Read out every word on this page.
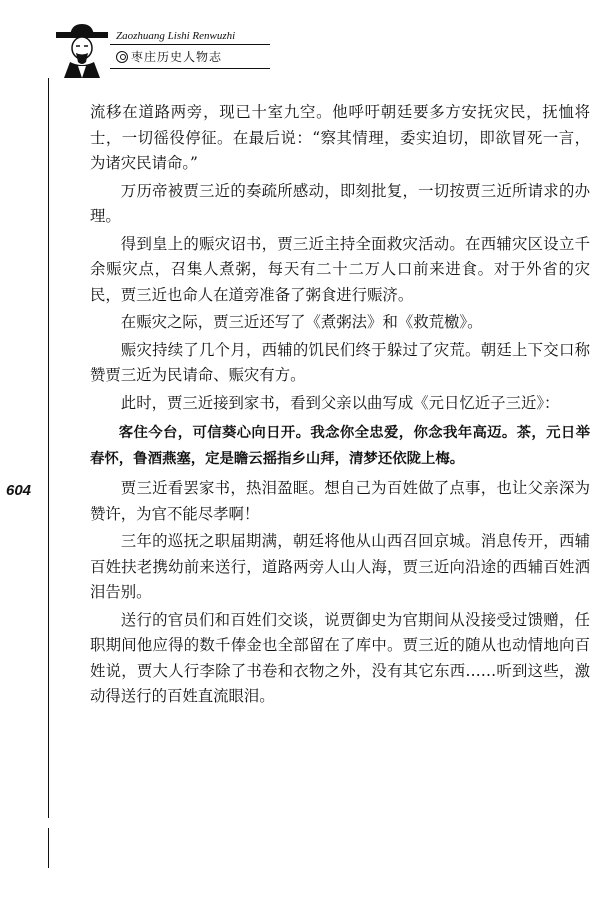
Zaozhuang Lishi Renwuzhi
枣庄历史人物志
604

流移在道路两旁，现已十室九空。他呼吁朝廷要多方安抚灾民，抚恤将士，一切徭役停征。在最后说：“察其情理，委实迫切，即欲冒死一言，为诸灾民请命。”

万历帝被贾三近的奏疏所感动，即刻批复，一切按贾三近所请求的办理。

得到皇上的赈灾诏书，贾三近主持全面救灾活动。在西辅灾区设立千余赈灾点，召集人煮粥，每天有二十二万人口前来进食。对于外省的灾民，贾三近也命人在道旁准备了粥食进行赈济。

在赈灾之际，贾三近还写了《煮粥法》和《救荒檄》。

赈灾持续了几个月，西辅的饥民们终于躲过了灾荒。朝廷上下交口称赞贾三近为民请命、赈灾有方。

此时，贾三近接到家书，看到父亲以曲写成《元日忆近子三近》：

客住今台，可信葵心向日开。我念你全忠爱，你念我年高迈。茶，元日举春怀，鲁酒燕塞，定是瞻云摇指乡山拜，清梦还依陇上梅。

贾三近看罢家书，热泪盈眶。想自己为百姓做了点事，也让父亲深为赞许，为官不能尽孝啊！

三年的巡抚之职届期满，朝廷将他从山西召回京城。消息传开，西辅百姓扶老携幼前来送行，道路两旁人山人海，贾三近向沿途的西辅百姓洒泪告别。

送行的官员们和百姓们交谈，说贾御史为官期间从没接受过馈赠，任职期间他应得的数千俸金也全部留在了库中。贾三近的随从也动情地向百姓说，贾大人行李除了书卷和衣物之外，没有其它东西……听到这些，激动得送行的百姓直流眼泪。
